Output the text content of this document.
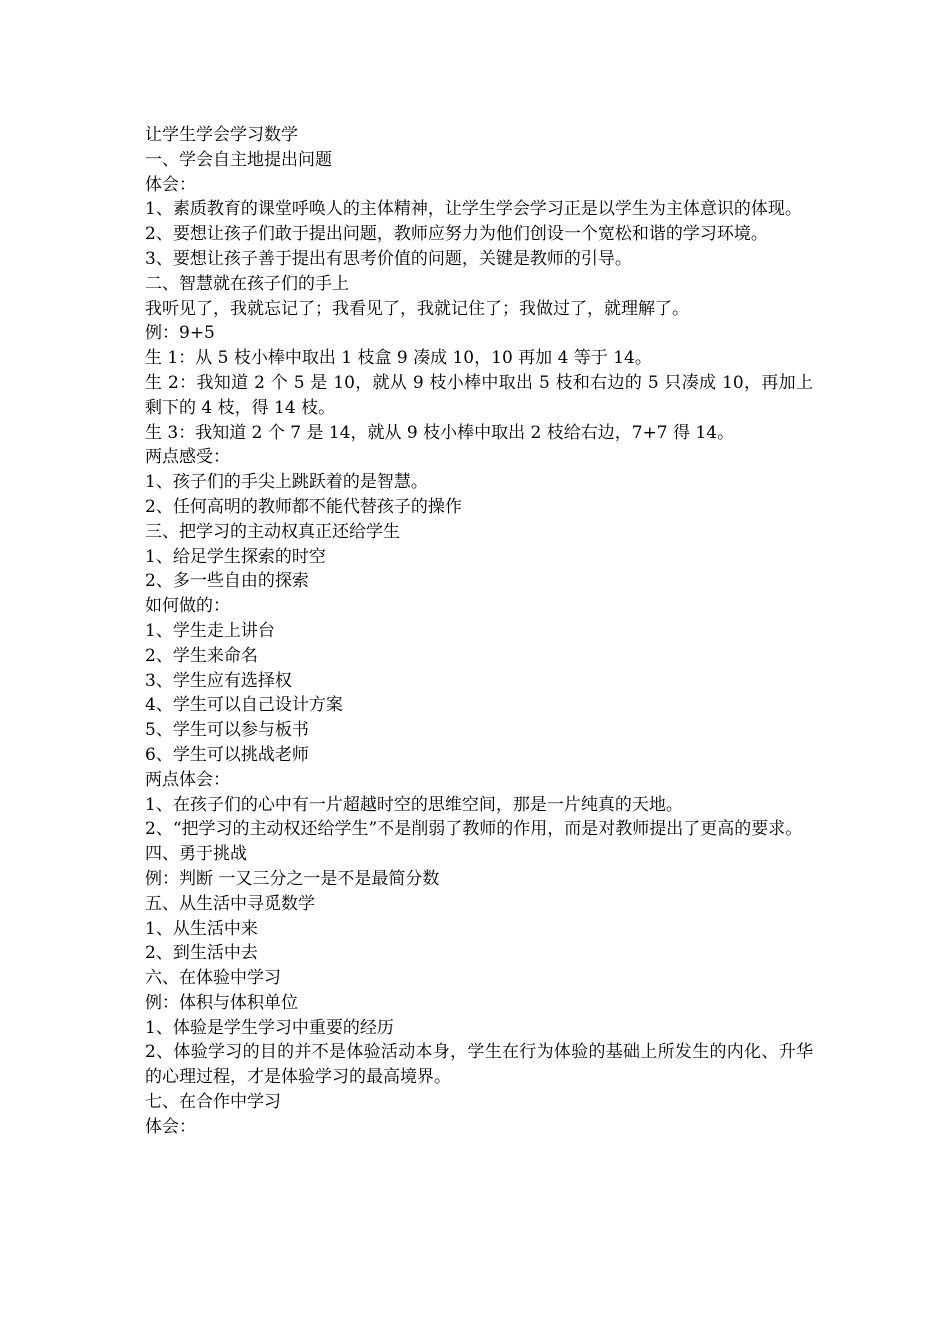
让学生学会学习数学

一、学会自主地提出问题

体会：

1、素质教育的课堂呼唤人的主体精神，让学生学会学习正是以学生为主体意识的体现。

2、要想让孩子们敢于提出问题，教师应努力为他们创设一个宽松和谐的学习环境。

3、要想让孩子善于提出有思考价值的问题，关键是教师的引导。

二、智慧就在孩子们的手上

我听见了，我就忘记了；我看见了，我就记住了；我做过了，就理解了。

例：9+5

生 1：从 5 枝小棒中取出 1 枝盒 9 凑成 10，10 再加 4 等于 14。

生 2：我知道 2 个 5 是 10，就从 9 枝小棒中取出 5 枝和右边的 5 只凑成 10，再加上剩下的 4 枝，得 14 枝。

生 3：我知道 2 个 7 是 14，就从 9 枝小棒中取出 2 枝给右边，7+7 得 14。

两点感受：

1、孩子们的手尖上跳跃着的是智慧。

2、任何高明的教师都不能代替孩子的操作

三、把学习的主动权真正还给学生

1、给足学生探索的时空

2、多一些自由的探索

如何做的：

1、学生走上讲台

2、学生来命名

3、学生应有选择权

4、学生可以自己设计方案

5、学生可以参与板书

6、学生可以挑战老师

两点体会：

1、在孩子们的心中有一片超越时空的思维空间，那是一片纯真的天地。

2、“把学习的主动权还给学生”不是削弱了教师的作用，而是对教师提出了更高的要求。

四、勇于挑战

例：判断 一又三分之一是不是最简分数

五、从生活中寻觅数学

1、从生活中来

2、到生活中去

六、在体验中学习

例：体积与体积单位

1、体验是学生学习中重要的经历

2、体验学习的目的并不是体验活动本身，学生在行为体验的基础上所发生的内化、升华的心理过程，才是体验学习的最高境界。

七、在合作中学习

体会：
